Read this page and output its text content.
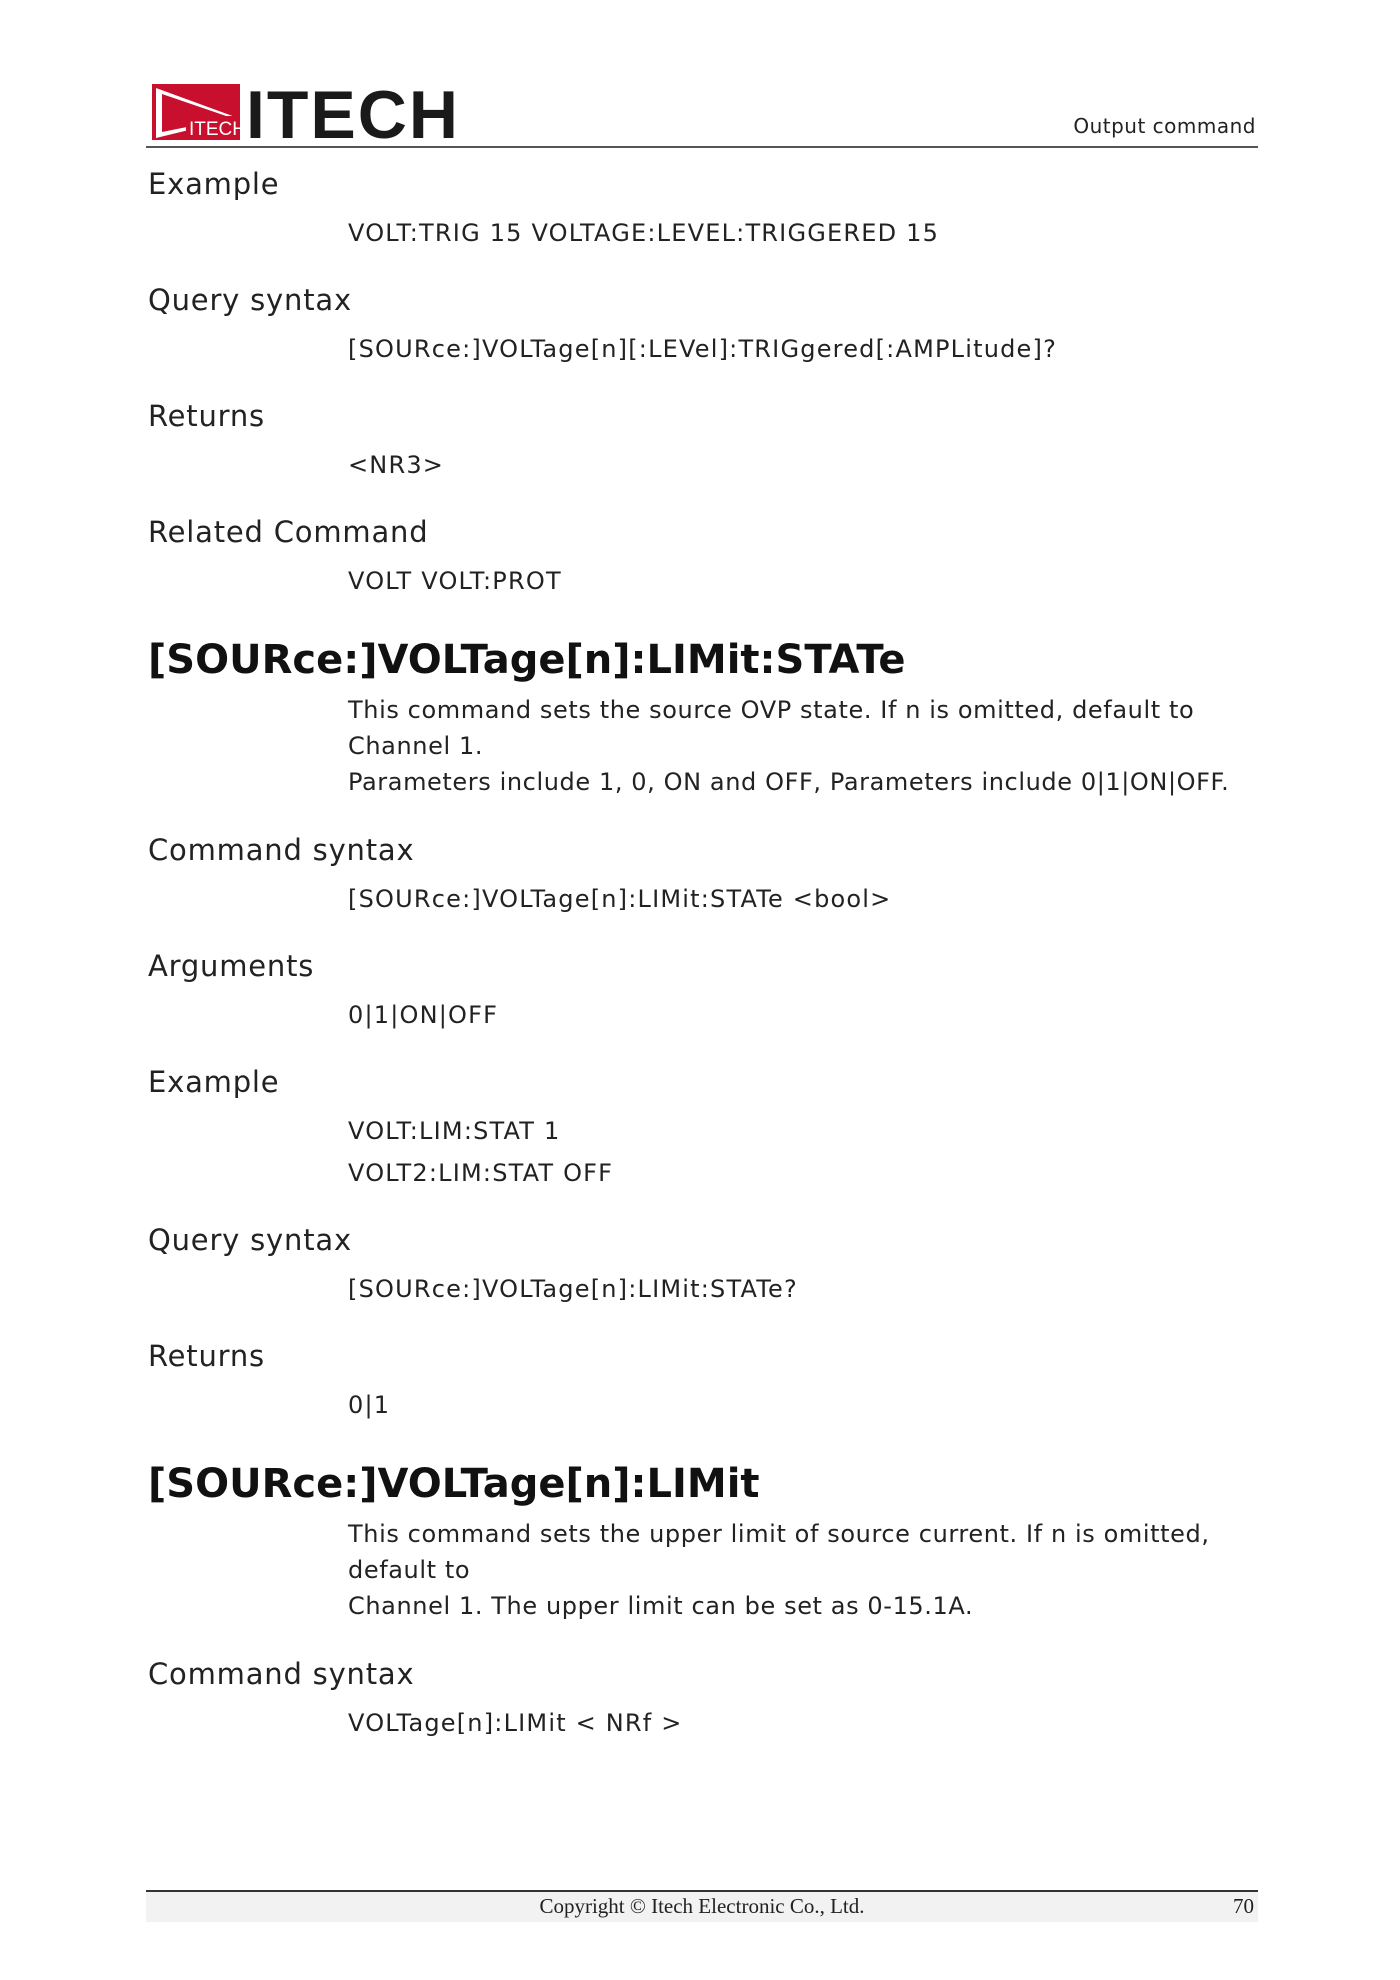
ITECH ITECH	Output command
Example
VOLT:TRIG 15 VOLTAGE:LEVEL:TRIGGERED 15
Query syntax
[SOURce:]VOLTage[n][:LEVel]:TRIGgered[:AMPLitude]?
Returns
<NR3>
Related Command
VOLT VOLT:PROT
[SOURce:]VOLTage[n]:LIMit:STATe
This command sets the source OVP state. If n is omitted, default to Channel 1.
Parameters include 1, 0, ON and OFF, Parameters include 0|1|ON|OFF.
Command syntax
[SOURce:]VOLTage[n]:LIMit:STATe <bool>
Arguments
0|1|ON|OFF
Example
VOLT:LIM:STAT 1
VOLT2:LIM:STAT OFF
Query syntax
[SOURce:]VOLTage[n]:LIMit:STATe?
Returns
0|1
[SOURce:]VOLTage[n]:LIMit
This command sets the upper limit of source current. If n is omitted, default to
Channel 1. The upper limit can be set as 0-15.1A.
Command syntax
VOLTage[n]:LIMit < NRf >
Copyright © Itech Electronic Co., Ltd.	70
